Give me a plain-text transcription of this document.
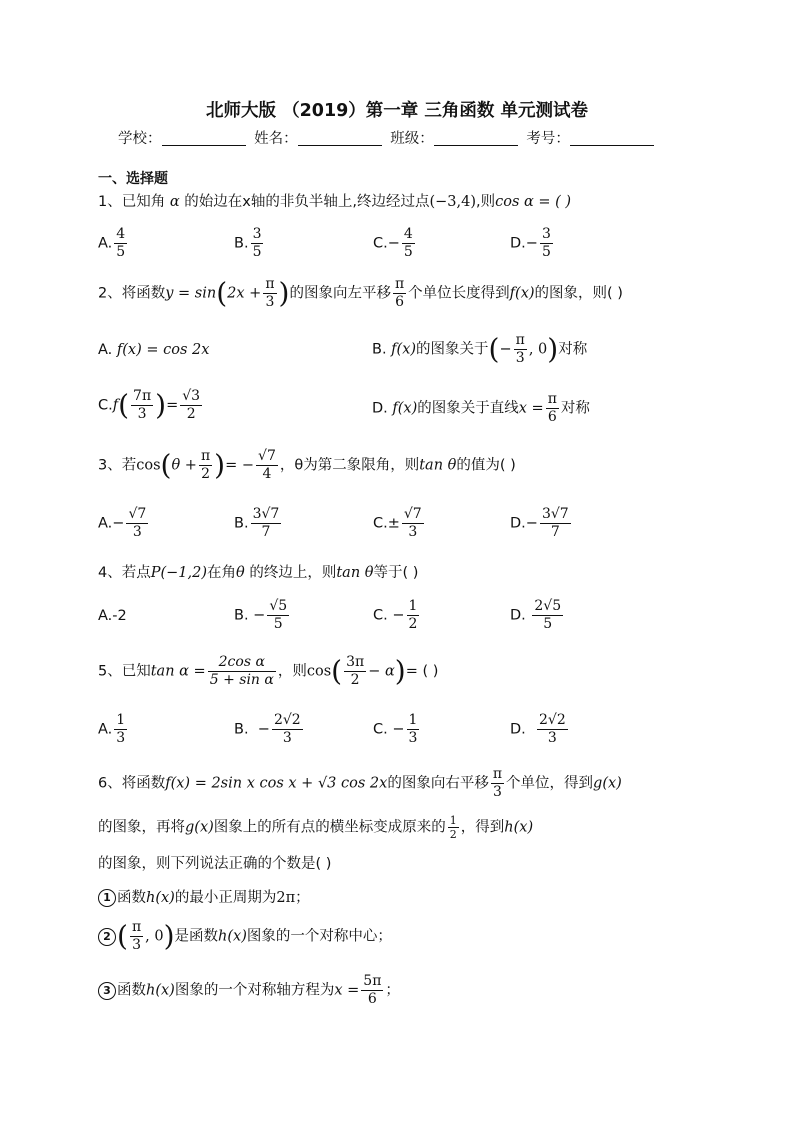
北师大版 （2019）第一章 三角函数 单元测试卷
学校：	姓名：	班级：	考号：
一、选择题
1、已知角 α 的始边在x轴的非负半轴上,终边经过点(−3,4),则cos α = ( )
A. $\frac{4}{5}$	B. $\frac{3}{5}$	$C.- \frac{4}{5}$	$D.- \frac{3}{5}$
2、将函数$y = \sin(2x + \frac{\pi}{3}$ )的图象向左平移 $\frac{\pi}{6}$ 个单位长度得到f(x)的图象，则( )
A. f(x) = cos 2x	B. f(x)的图象关于(− $\frac{\pi}{3}$ , 0)对称
$C.f( \frac{7\pi}{3}$ )= $\frac{√3}{2}$	D. f(x)的图象关于直线$x = \frac{\pi}{6}$ 对称
3、若$\cos(\theta + \frac{\pi}{2}$ )= − $\frac{√7}{4}$ ，θ为第二象限角，则tan θ的值为( )
$A.- \frac{√7}{3}$	B. $\frac{3√7}{7}$	$C.\pm \frac{√7}{3}$	$D.- \frac{3√7}{7}$
4、若点P(−1,2)在角θ 的终边上，则tan θ等于( )
A.-2	B. − $\frac{√5}{5}$	C. − $\frac{1}{2}$	D. $\frac{2√5}{5}$
5、已知$\tan \alpha = \frac{\text{2cos α}}{\text{5 + sin α}}$ ，则$\cos( \frac{3\pi}{2} - \alpha)=$ ( )
A. $\frac{1}{3}$	B. − $\frac{2√2}{3}$	C. − $\frac{1}{3}$	D. $\frac{2√2}{3}$
6、将函数f(x) = 2sin x cos x + √3 cos 2x的图象向右平移 $\frac{\pi}{3}$ 个单位，得到g(x)
的图象，再将g(x)图象上的所有点的横坐标变成原来的 $\frac{1}{2}$ ，得到h(x)
的图象，则下列说法正确的个数是( )
1 函数h(x)的最小正周期为2π；
2 ( $\frac{\pi}{3}$ , 0)是函数h(x)图象的一个对称中心；
3 函数h(x)图象的一个对称轴方程为$x = \frac{5\pi}{6}$ ；
